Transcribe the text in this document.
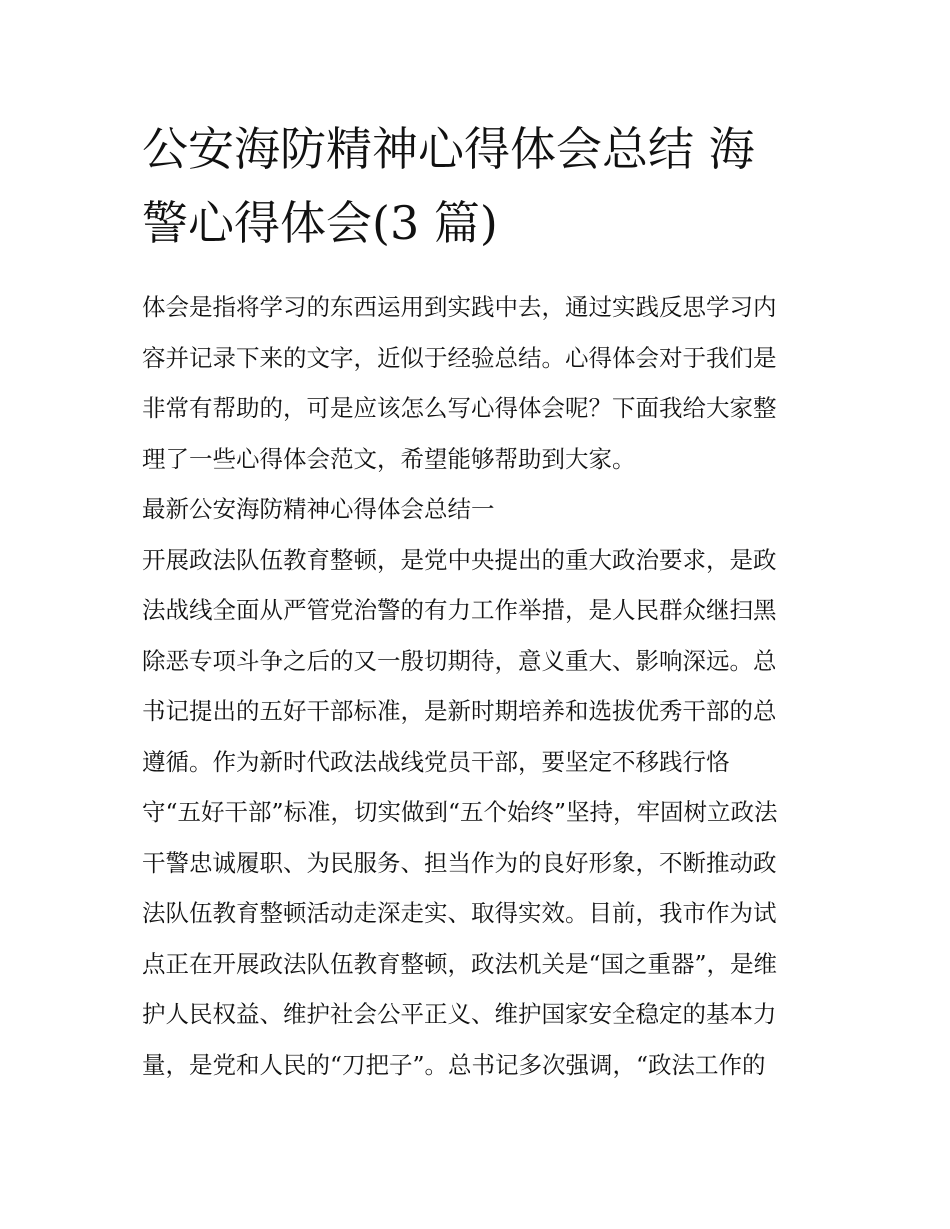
公安海防精神心得体会总结 海
警心得体会(3 篇)

体会是指将学习的东西运用到实践中去，通过实践反思学习内
容并记录下来的文字，近似于经验总结。心得体会对于我们是
非常有帮助的，可是应该怎么写心得体会呢？下面我给大家整
理了一些心得体会范文，希望能够帮助到大家。

最新公安海防精神心得体会总结一

开展政法队伍教育整顿，是党中央提出的重大政治要求，是政
法战线全面从严管党治警的有力工作举措，是人民群众继扫黑
除恶专项斗争之后的又一殷切期待，意义重大、影响深远。总
书记提出的五好干部标准，是新时期培养和选拔优秀干部的总
遵循。作为新时代政法战线党员干部，要坚定不移践行恪
守“五好干部”标准，切实做到“五个始终”坚持，牢固树立政法
干警忠诚履职、为民服务、担当作为的良好形象，不断推动政
法队伍教育整顿活动走深走实、取得实效。目前，我市作为试
点正在开展政法队伍教育整顿，政法机关是“国之重器”，是维
护人民权益、维护社会公平正义、维护国家安全稳定的基本力
量，是党和人民的“刀把子”。总书记多次强调，“政法工作的
